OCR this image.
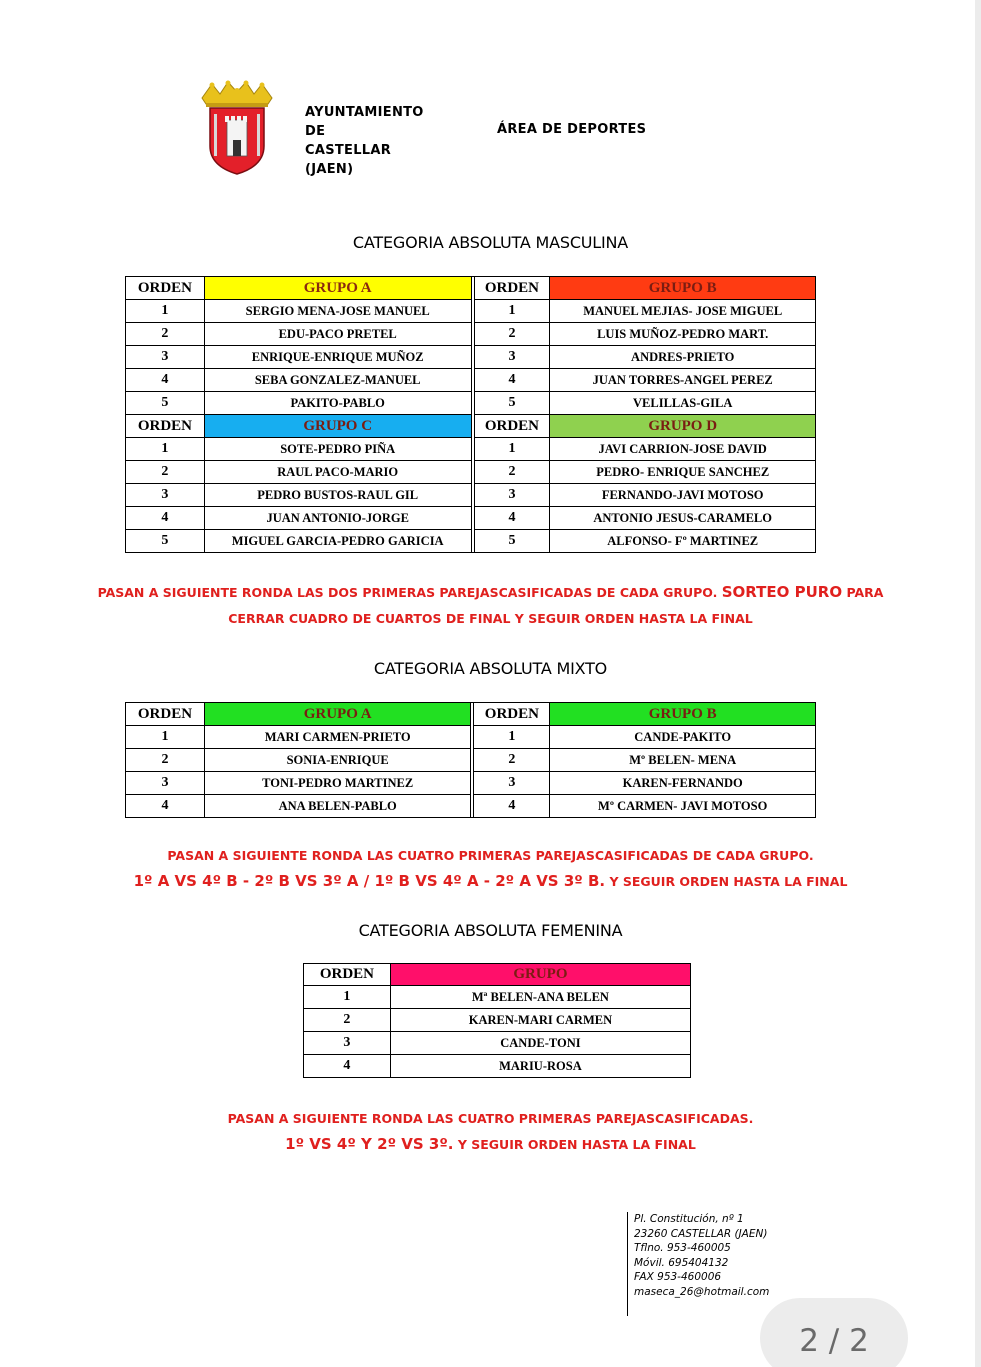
AYUNTAMIENTO
DE
CASTELLAR
(JAEN)
ÁREA DE DEPORTES
CATEGORIA ABSOLUTA MASCULINA
ORDEN	GRUPO A		ORDEN	GRUPO B
1	SERGIO MENA-JOSE MANUEL		1	MANUEL MEJIAS- JOSE MIGUEL
2	EDU-PACO PRETEL		2	LUIS MUÑOZ-PEDRO MART.
3	ENRIQUE-ENRIQUE MUÑOZ		3	ANDRES-PRIETO
4	SEBA GONZALEZ-MANUEL		4	JUAN TORRES-ANGEL PEREZ
5	PAKITO-PABLO		5	VELILLAS-GILA
ORDEN	GRUPO C		ORDEN	GRUPO D
1	SOTE-PEDRO PIÑA		1	JAVI CARRION-JOSE DAVID
2	RAUL PACO-MARIO		2	PEDRO- ENRIQUE SANCHEZ
3	PEDRO BUSTOS-RAUL GIL		3	FERNANDO-JAVI MOTOSO
4	JUAN ANTONIO-JORGE		4	ANTONIO JESUS-CARAMELO
5	MIGUEL GARCIA-PEDRO GARICIA		5	ALFONSO- Fº MARTINEZ
PASAN A SIGUIENTE RONDA LAS DOS PRIMERAS PAREJASCASIFICADAS DE CADA GRUPO. SORTEO PURO PARA
CERRAR CUADRO DE CUARTOS DE FINAL Y SEGUIR ORDEN HASTA LA FINAL
CATEGORIA ABSOLUTA MIXTO
ORDEN	GRUPO A		ORDEN	GRUPO B
1	MARI CARMEN-PRIETO		1	CANDE-PAKITO
2	SONIA-ENRIQUE		2	Mº BELEN- MENA
3	TONI-PEDRO MARTINEZ		3	KAREN-FERNANDO
4	ANA BELEN-PABLO		4	Mº CARMEN- JAVI MOTOSO
PASAN A SIGUIENTE RONDA LAS CUATRO PRIMERAS PAREJASCASIFICADAS DE CADA GRUPO.
1º A VS 4º B - 2º B VS 3º A / 1º B VS 4º A - 2º A VS 3º B. Y SEGUIR ORDEN HASTA LA FINAL
CATEGORIA ABSOLUTA FEMENINA
ORDEN	GRUPO
1	Mª BELEN-ANA BELEN
2	KAREN-MARI CARMEN
3	CANDE-TONI
4	MARIU-ROSA
PASAN A SIGUIENTE RONDA LAS CUATRO PRIMERAS PAREJASCASIFICADAS.
1º VS 4º Y 2º VS 3º. Y SEGUIR ORDEN HASTA LA FINAL
Pl. Constitución, nº 1
23260 CASTELLAR (JAEN)
Tflno. 953-460005
Móvil. 695404132
FAX 953-460006
maseca_26@hotmail.com
2 / 2
